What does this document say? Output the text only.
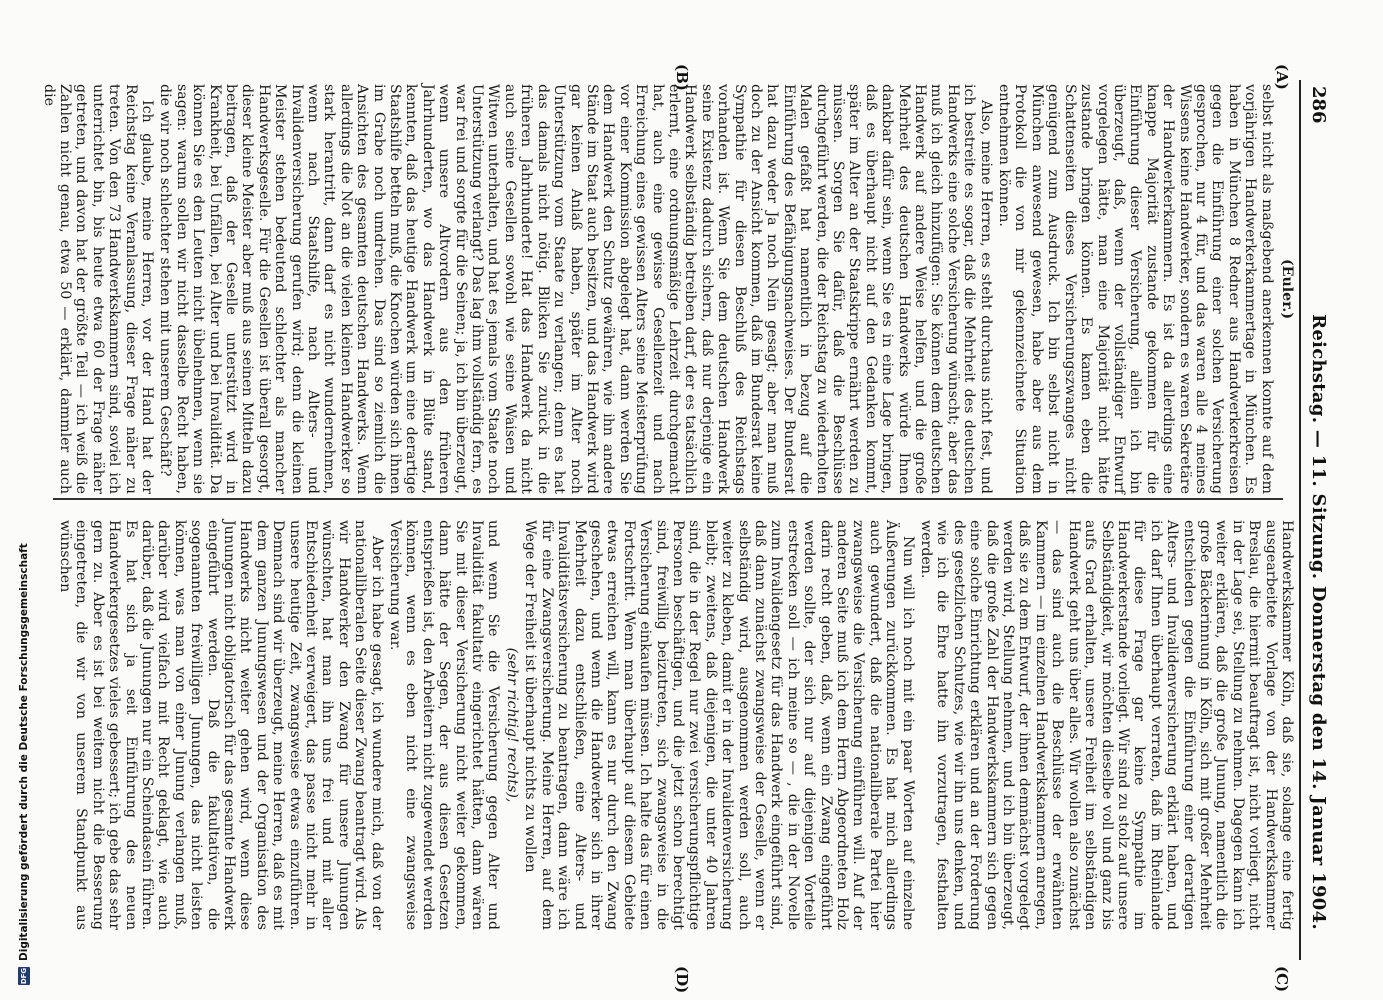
286
Reichstag. — 11. Sitzung. Donnerstag den 14. Januar 1904.
(A)
(B)
(C)
(D)

(Euler.)

selbst nicht als maßgebend anerkennen konnte auf dem vorjährigen Handwerkerkammertage in München. Es haben in München 8 Redner aus Handwerkerkreisen gegen die Einführung einer solchen Versicherung gesprochen, nur 4 für, und das waren alle 4 meines Wissens keine Handwerker, sondern es waren Sekretäre der Handwerkerkammern. Es ist da allerdings eine knappe Majorität zustande gekommen für die Einführung dieser Versicherung, allein ich bin überzeugt, daß, wenn der vollständiger Entwurf vorgelegen hätte, man eine Majorität nicht hätte zustande bringen können. Es kamen eben die Schattenseiten dieses Versicherungszwanges nicht genügend zum Ausdruck. Ich bin selbst nicht in München anwesend gewesen, habe aber aus dem Protokoll die von mir gekennzeichnete Situation entnehmen können.

Also, meine Herren, es steht durchaus nicht fest, und ich bestreite es sogar, daß die Mehrheit des deutschen Handwerks eine solche Versicherung wünscht; aber das muß ich gleich hinzufügen: Sie können dem deutschen Handwerk auf andere Weise helfen, und die große Mehrheit des deutschen Handwerks würde Ihnen dankbar dafür sein, wenn Sie es in eine Lage bringen, daß es überhaupt nicht auf den Gedanken kommt, später im Alter an der Staatskrippe ernährt werden zu müssen. Sorgen Sie dafür, daß die Beschlüsse durchgeführt werden, die der Reichstag zu wiederholten Malen gefaßt hat namentlich in bezug auf die Einführung des Befähigungsnachweises. Der Bundesrat hat dazu weder Ja noch Nein gesagt; aber man muß doch zu der Ansicht kommen, daß im Bundesrat keine Sympathie für diesen Beschluß des Reichstags vorhanden ist. Wenn Sie dem deutschen Handwerk seine Existenz dadurch sichern, daß nur derjenige ein Handwerk selbständig betreiben darf, der es tatsächlich erlernt, eine ordnungsmäßige Lehrzeit durchgemacht hat, auch eine gewisse Gesellenzeit und nach Erreichung eines gewissen Alters seine Meisterprüfung vor einer Kommission abgelegt hat, dann werden Sie dem Handwerk den Schutz gewähren, wie ihn andere Stände im Staat auch besitzen, und das Handwerk wird gar keinen Anlaß haben, später im Alter noch Unterstützung vom Staate zu verlangen; denn es hat das damals nicht nötig. Blicken Sie zurück in die früheren Jahrhunderte! Hat das Handwerk da nicht auch seine Gesellen sowohl wie seine Waisen und Witwen unterhalten, und hat es jemals vom Staate noch Unterstützung verlangt? Das lag ihm vollständig fern, es war frei und sorgte für die Seinen; ja, ich bin überzeugt, wenn unsere Altvordern aus den früheren Jahrhunderten, wo das Handwerk in Blüte stand, kennten, daß das heutige Handwerk um eine derartige Staatshilfe betteln muß, die Knochen würden sich ihnen im Grabe noch umdrehen. Das sind so ziemlich die Ansichten des gesamten deutschen Handwerks. Wenn allerdings die Not an die vielen kleinen Handwerker so stark herantritt, dann darf es nicht wundernehmen, wenn nach Staatshilfe, nach Alters- und Invalidenversicherung gerufen wird; denn die kleinen Meister stehen bedeutend schlechter als mancher Handwerksgeselle. Für die Gesellen ist überall gesorgt, dieser kleine Meister aber muß aus seinen Mitteln dazu beitragen, daß der Geselle unterstützt wird in Krankheit, bei Unfällen, bei Alter und bei Invalidität. Da können Sie es den Leuten nicht übelnehmen, wenn sie sagen: warum sollen wir nicht dasselbe Recht haben, die wir noch schlechter stehen mit unserem Geschäft?

Ich glaube, meine Herren, vor der Hand hat der Reichstag keine Veranlassung, dieser Frage näher zu treten. Von den 73 Handwerkskammern sind, soviel ich unterrichtet bin, bis heute etwa 60 der Frage näher getreten, und davon hat der größte Teil — ich weiß die Zahlen nicht genau, etwa 50 — erklärt, dammler auch die

Handwerkskammer Köln, daß sie, solange eine fertig ausgearbeitete Vorlage von der Handwerkskammer Breslau, die hiermit beauftragt ist, nicht vorliegt, nicht in der Lage sei, Stellung zu nehmen. Dagegen kann ich weiter erklären, daß die große Junung, namentlich die große Bäckerinnung in Köln, sich mit großer Mehrheit entschieden gegen die Einführung einer derartigen Alters- und Invalidenversicherung erklärt haben, und ich darf Ihnen überhaupt verraten, daß im Rheinlande für diese Frage gar keine Sympathie im Handwerkerstande vorliegt. Wir sind zu stolz auf unsere Selbständigkeit, wir möchten dieselbe voll und ganz bis aufs Grad erhalten, unsere Freiheit im selbständigen Handwerk geht uns über alles. Wir wollen also zunächst — das sind auch die Beschlüsse der erwähnten Kammern — im einzelnen Handwerkskammern anregen, daß sie zu dem Entwurf, der ihnen demnächst vorgelegt werden wird, Stellung nehmen, und ich bin überzeugt, daß die große Zahl der Handwerkskammern sich gegen eine solche Einrichtung erklären und an der Forderung des gesetzlichen Schutzes, wie wir ihn uns denken, und wie ich die Ehre hatte ihn vorzutragen, festhalten werden.

Nun will ich noch mit ein paar Worten auf einzelne Äußerungen zurückkommen. Es hat mich allerdings auch gewundert, daß die nationalliberale Partei hier zwangsweise die Versicherung einführen will. Auf der anderen Seite muß ich dem Herrn Abgeordneten Holz darin recht geben, daß, wenn ein Zwang eingeführt werden sollte, der sich nur auf diejenigen Vorteile erstrecken soll — ich meine so — , die in der Novelle zum Invalidengesetz für das Handwerk eingeführt sind, daß dann zunächst zwangsweise der Geselle, wenn er selbständig wird, ausgenommen werden soll, auch weiter zu kleben, damit er in der Invalidenversicherung bleibt; zweitens, daß diejenigen, die unter 40 Jahren sind, die in der Regel nur zwei versicherungspflichtige Personen beschäftigen, und die jetzt schon berechtigt sind, freiwillig beizutreten, sich zwangsweise in die Versicherung einkaufen müssen. Ich halte das für einen Fortschritt. Wenn man überhaupt auf diesem Gebiete etwas erreichen will, kann es nur durch den Zwang geschehen, und wenn die Handwerker sich in ihrer Mehrheit dazu entschließen, eine Alters- und Invaliditätsversicherung zu beantragen, dann wäre ich für eine Zwangsversicherung. Meine Herren, auf dem Wege der Freiheit ist überhaupt nichts zu wollen

(sehr richtig! rechts),

und wenn Sie die Versicherung gegen Alter und Invalidität fakultativ eingerichtet hätten, dann wären Sie mit dieser Versicherung nicht weiter gekommen, dann hätte der Segen, der aus diesen Gesetzen entsprießen ist, den Arbeitern nicht zugewendet werden können, wenn es eben nicht eine zwangsweise Versicherung war.

Aber ich habe gesagt, ich wundere mich, daß von der nationalliberalen Seite dieser Zwang beantragt wird. Als wir Handwerker den Zwang für unsere Junungen wünschten, hat man ihn uns frei und mit aller Entschiedenheit verweigert, das passe nicht mehr in unsere heutige Zeit, zwangsweise etwas einzuführen. Demnach sind wir überzeugt, meine Herren, daß es mit dem ganzen Junungswesen und der Organisation des Handwerks nicht weiter gehen wird, wenn diese Junungen nicht obligatorisch für das gesamte Handwerk eingeführt werden. Daß die fakultativen, die sogenannten freiwilligen Junungen, das nicht leisten können, was man von einer Junung verlangen muß, darüber wird vielfach mit Recht geklagt, wie auch darüber, daß die Junungen nur ein Scheindasein führen. Es hat sich ja seit Einführung des neuen Handwerkergesetzes vieles gebessert; ich gebe das sehr gern zu. Aber es ist bei weitem nicht die Besserung eingetreten, die wir von unserem Standpunkt aus wünschen

DFG
Digitalisierung gefördert durch die Deutsche Forschungsgemeinschaft
